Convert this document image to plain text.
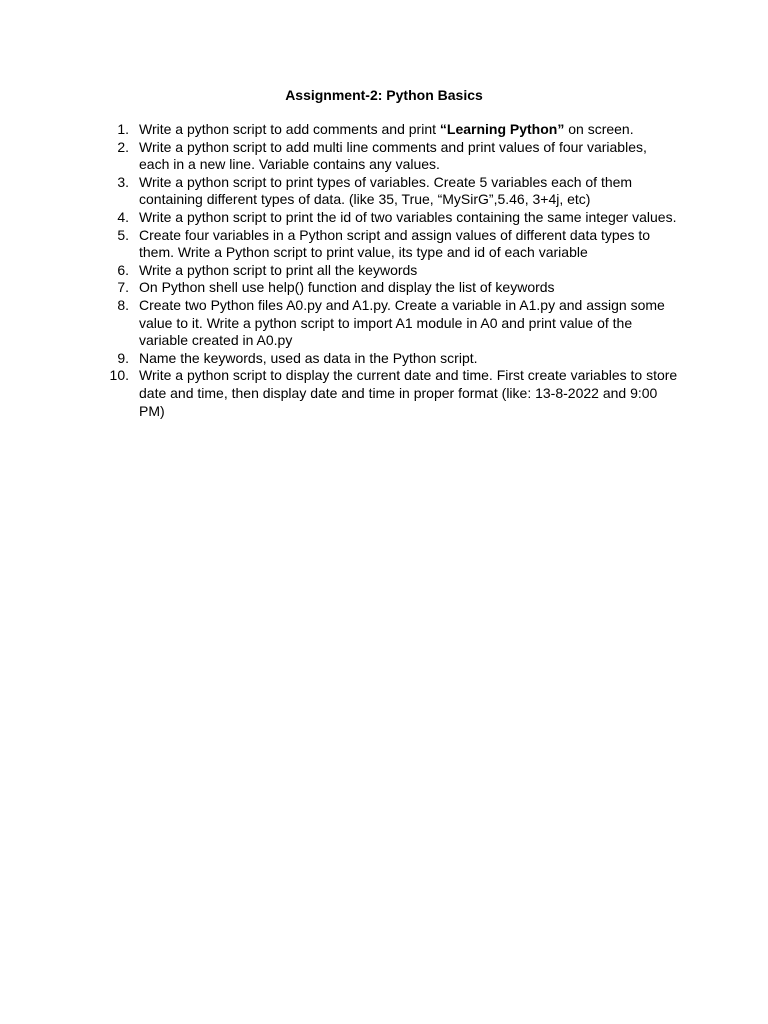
Assignment-2: Python Basics
1. Write a python script to add comments and print “Learning Python” on screen.
2. Write a python script to add multi line comments and print values of four variables, each in a new line. Variable contains any values.
3. Write a python script to print types of variables. Create 5 variables each of them containing different types of data. (like 35, True, “MySirG”,5.46, 3+4j, etc)
4. Write a python script to print the id of two variables containing the same integer values.
5. Create four variables in a Python script and assign values of different data types to them. Write a Python script to print value, its type and id of each variable
6. Write a python script to print all the keywords
7. On Python shell use help() function and display the list of keywords
8. Create two Python files A0.py and A1.py. Create a variable in A1.py and assign some value to it. Write a python script to import A1 module in A0 and print value of the variable created in A0.py
9. Name the keywords, used as data in the Python script.
10. Write a python script to display the current date and time. First create variables to store date and time, then display date and time in proper format (like: 13-8-2022 and 9:00 PM)
